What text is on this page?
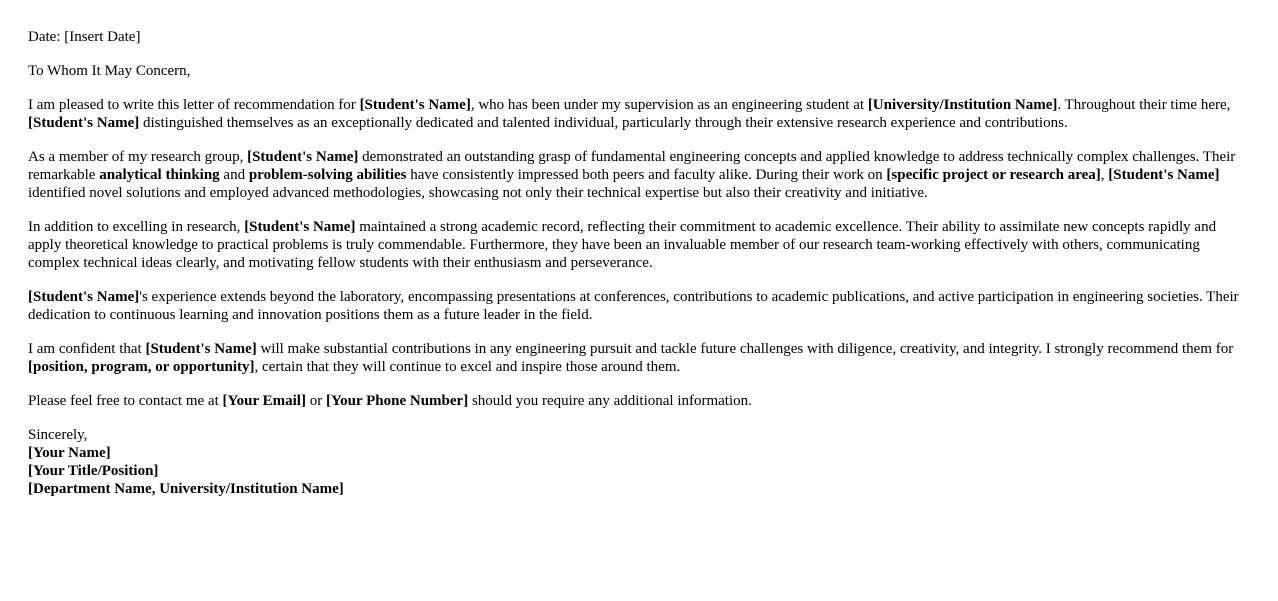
Date: [Insert Date]

To Whom It May Concern,

I am pleased to write this letter of recommendation for [Student's Name], who has been under my supervision as an engineering student at [University/Institution Name]. Throughout their time here, [Student's Name] distinguished themselves as an exceptionally dedicated and talented individual, particularly through their extensive research experience and contributions.

As a member of my research group, [Student's Name] demonstrated an outstanding grasp of fundamental engineering concepts and applied knowledge to address technically complex challenges. Their remarkable analytical thinking and problem-solving abilities have consistently impressed both peers and faculty alike. During their work on [specific project or research area], [Student's Name] identified novel solutions and employed advanced methodologies, showcasing not only their technical expertise but also their creativity and initiative.

In addition to excelling in research, [Student's Name] maintained a strong academic record, reflecting their commitment to academic excellence. Their ability to assimilate new concepts rapidly and apply theoretical knowledge to practical problems is truly commendable. Furthermore, they have been an invaluable member of our research team-working effectively with others, communicating complex technical ideas clearly, and motivating fellow students with their enthusiasm and perseverance.

[Student's Name]'s experience extends beyond the laboratory, encompassing presentations at conferences, contributions to academic publications, and active participation in engineering societies. Their dedication to continuous learning and innovation positions them as a future leader in the field.

I am confident that [Student's Name] will make substantial contributions in any engineering pursuit and tackle future challenges with diligence, creativity, and integrity. I strongly recommend them for [position, program, or opportunity], certain that they will continue to excel and inspire those around them.

Please feel free to contact me at [Your Email] or [Your Phone Number] should you require any additional information.

Sincerely,
[Your Name]
[Your Title/Position]
[Department Name, University/Institution Name]
